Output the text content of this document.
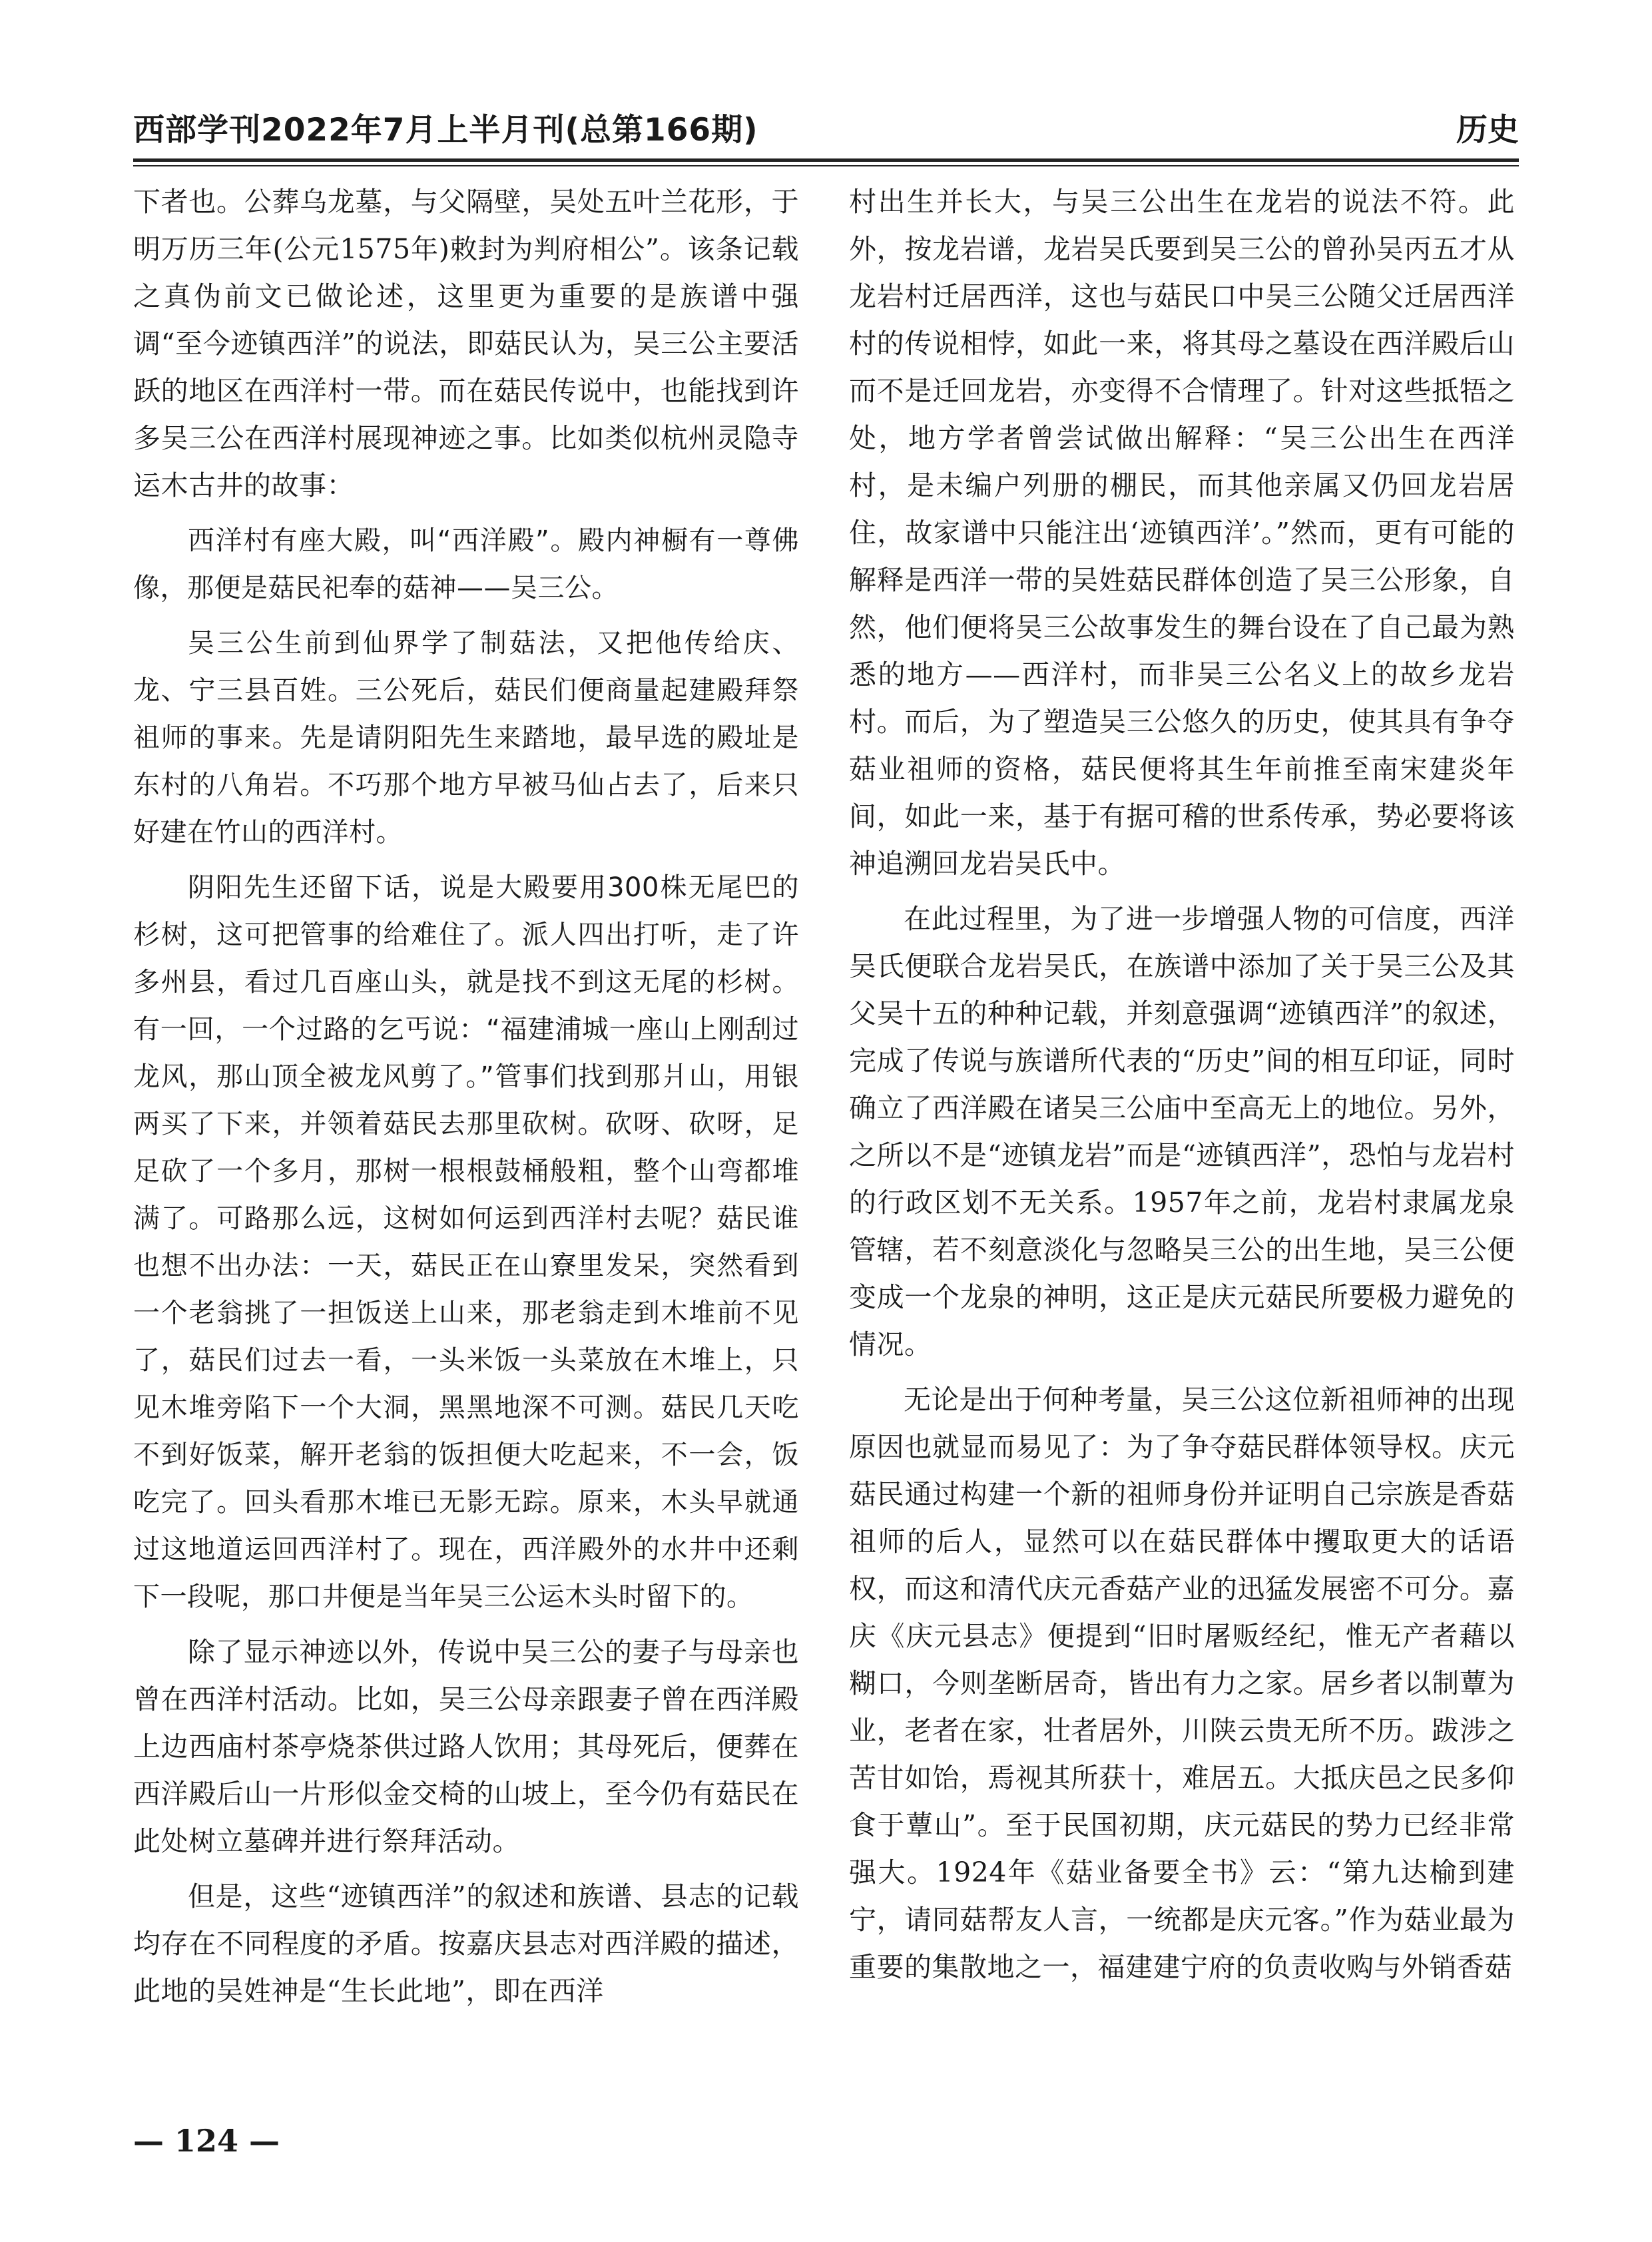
西部学刊2022年7月上半月刊(总第166期)	历史

下者也。公葬乌龙墓，与父隔壁，吴处五叶兰花形，于明万历三年(公元1575年)敕封为判府相公”。该条记载之真伪前文已做论述，这里更为重要的是族谱中强调“至今迹镇西洋”的说法，即菇民认为，吴三公主要活跃的地区在西洋村一带。而在菇民传说中，也能找到许多吴三公在西洋村展现神迹之事。比如类似杭州灵隐寺运木古井的故事：

西洋村有座大殿，叫“西洋殿”。殿内神橱有一尊佛像，那便是菇民祀奉的菇神——吴三公。

吴三公生前到仙界学了制菇法，又把他传给庆、龙、宁三县百姓。三公死后，菇民们便商量起建殿拜祭祖师的事来。先是请阴阳先生来踏地，最早选的殿址是东村的八角岩。不巧那个地方早被马仙占去了，后来只好建在竹山的西洋村。

阴阳先生还留下话，说是大殿要用300株无尾巴的杉树，这可把管事的给难住了。派人四出打听，走了许多州县，看过几百座山头，就是找不到这无尾的杉树。有一回，一个过路的乞丐说：“福建浦城一座山上刚刮过龙风，那山顶全被龙风剪了。”管事们找到那爿山，用银两买了下来，并领着菇民去那里砍树。砍呀、砍呀，足足砍了一个多月，那树一根根鼓桶般粗，整个山弯都堆满了。可路那么远，这树如何运到西洋村去呢？菇民谁也想不出办法：一天，菇民正在山寮里发呆，突然看到一个老翁挑了一担饭送上山来，那老翁走到木堆前不见了，菇民们过去一看，一头米饭一头菜放在木堆上，只见木堆旁陷下一个大洞，黑黑地深不可测。菇民几天吃不到好饭菜，解开老翁的饭担便大吃起来，不一会，饭吃完了。回头看那木堆已无影无踪。原来，木头早就通过这地道运回西洋村了。现在，西洋殿外的水井中还剩下一段呢，那口井便是当年吴三公运木头时留下的。

除了显示神迹以外，传说中吴三公的妻子与母亲也曾在西洋村活动。比如，吴三公母亲跟妻子曾在西洋殿上边西庙村茶亭烧茶供过路人饮用；其母死后，便葬在西洋殿后山一片形似金交椅的山坡上，至今仍有菇民在此处树立墓碑并进行祭拜活动。

但是，这些“迹镇西洋”的叙述和族谱、县志的记载均存在不同程度的矛盾。按嘉庆县志对西洋殿的描述，此地的吴姓神是“生长此地”，即在西洋

村出生并长大，与吴三公出生在龙岩的说法不符。此外，按龙岩谱，龙岩吴氏要到吴三公的曾孙吴丙五才从龙岩村迁居西洋，这也与菇民口中吴三公随父迁居西洋村的传说相悖，如此一来，将其母之墓设在西洋殿后山而不是迁回龙岩，亦变得不合情理了。针对这些抵牾之处，地方学者曾尝试做出解释：“吴三公出生在西洋村，是未编户列册的棚民，而其他亲属又仍回龙岩居住，故家谱中只能注出‘迹镇西洋’。”然而，更有可能的解释是西洋一带的吴姓菇民群体创造了吴三公形象，自然，他们便将吴三公故事发生的舞台设在了自己最为熟悉的地方——西洋村，而非吴三公名义上的故乡龙岩村。而后，为了塑造吴三公悠久的历史，使其具有争夺菇业祖师的资格，菇民便将其生年前推至南宋建炎年间，如此一来，基于有据可稽的世系传承，势必要将该神追溯回龙岩吴氏中。

在此过程里，为了进一步增强人物的可信度，西洋吴氏便联合龙岩吴氏，在族谱中添加了关于吴三公及其父吴十五的种种记载，并刻意强调“迹镇西洋”的叙述，完成了传说与族谱所代表的“历史”间的相互印证，同时确立了西洋殿在诸吴三公庙中至高无上的地位。另外，之所以不是“迹镇龙岩”而是“迹镇西洋”，恐怕与龙岩村的行政区划不无关系。1957年之前，龙岩村隶属龙泉管辖，若不刻意淡化与忽略吴三公的出生地，吴三公便变成一个龙泉的神明，这正是庆元菇民所要极力避免的情况。

无论是出于何种考量，吴三公这位新祖师神的出现原因也就显而易见了：为了争夺菇民群体领导权。庆元菇民通过构建一个新的祖师身份并证明自己宗族是香菇祖师的后人，显然可以在菇民群体中攫取更大的话语权，而这和清代庆元香菇产业的迅猛发展密不可分。嘉庆《庆元县志》便提到“旧时屠贩经纪，惟无产者藉以糊口，今则垄断居奇，皆出有力之家。居乡者以制蕈为业，老者在家，壮者居外，川陕云贵无所不历。跋涉之苦甘如饴，焉视其所获十，难居五。大抵庆邑之民多仰食于蕈山”。至于民国初期，庆元菇民的势力已经非常强大。1924年《菇业备要全书》云：“第九达榆到建宁，请同菇帮友人言，一统都是庆元客。”作为菇业最为重要的集散地之一，福建建宁府的负责收购与外销香菇

— 124 —
